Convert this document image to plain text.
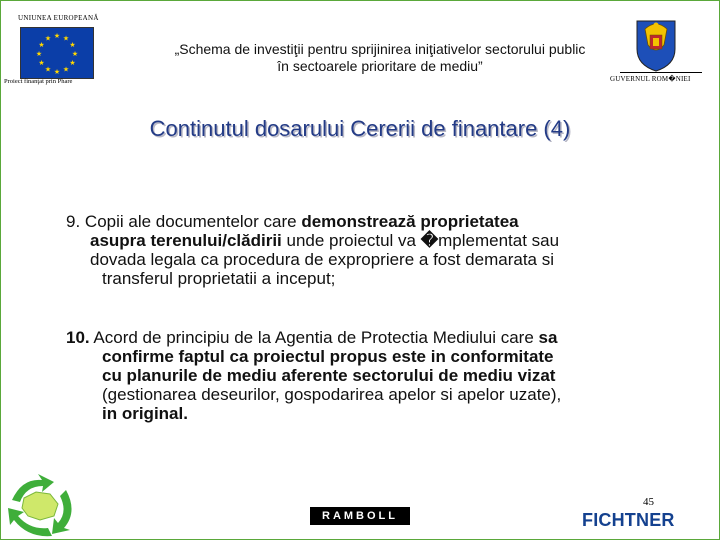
UNIUNEA EUROPEANĂ
★ ★
★
★
★
★
★
★
★
★
★
★
Proiect finanţat prin Phare
„Schema de investiţii pentru sprijinirea iniţiativelor sectorului public
în sectoarele prioritare de mediu”
GUVERNUL ROM�NIEI
Continutul dosarului Cererii de finantare (4)
9. Copii ale documentelor care demonstrează proprietatea
asupra terenului/clădirii unde proiectul va �mplementat sau
dovada legala ca procedura de expropriere a fost demarata si
transferul proprietatii a inceput;
10. Acord de principiu de la Agentia de Protectia Mediului care sa
confirme faptul ca proiectul propus este in conformitate
cu planurile de mediu aferente sectorului de mediu vizat
(gestionarea deseurilor, gospodarirea apelor si apelor uzate),
in original.
45
RAMBOLL	FICHTNER
